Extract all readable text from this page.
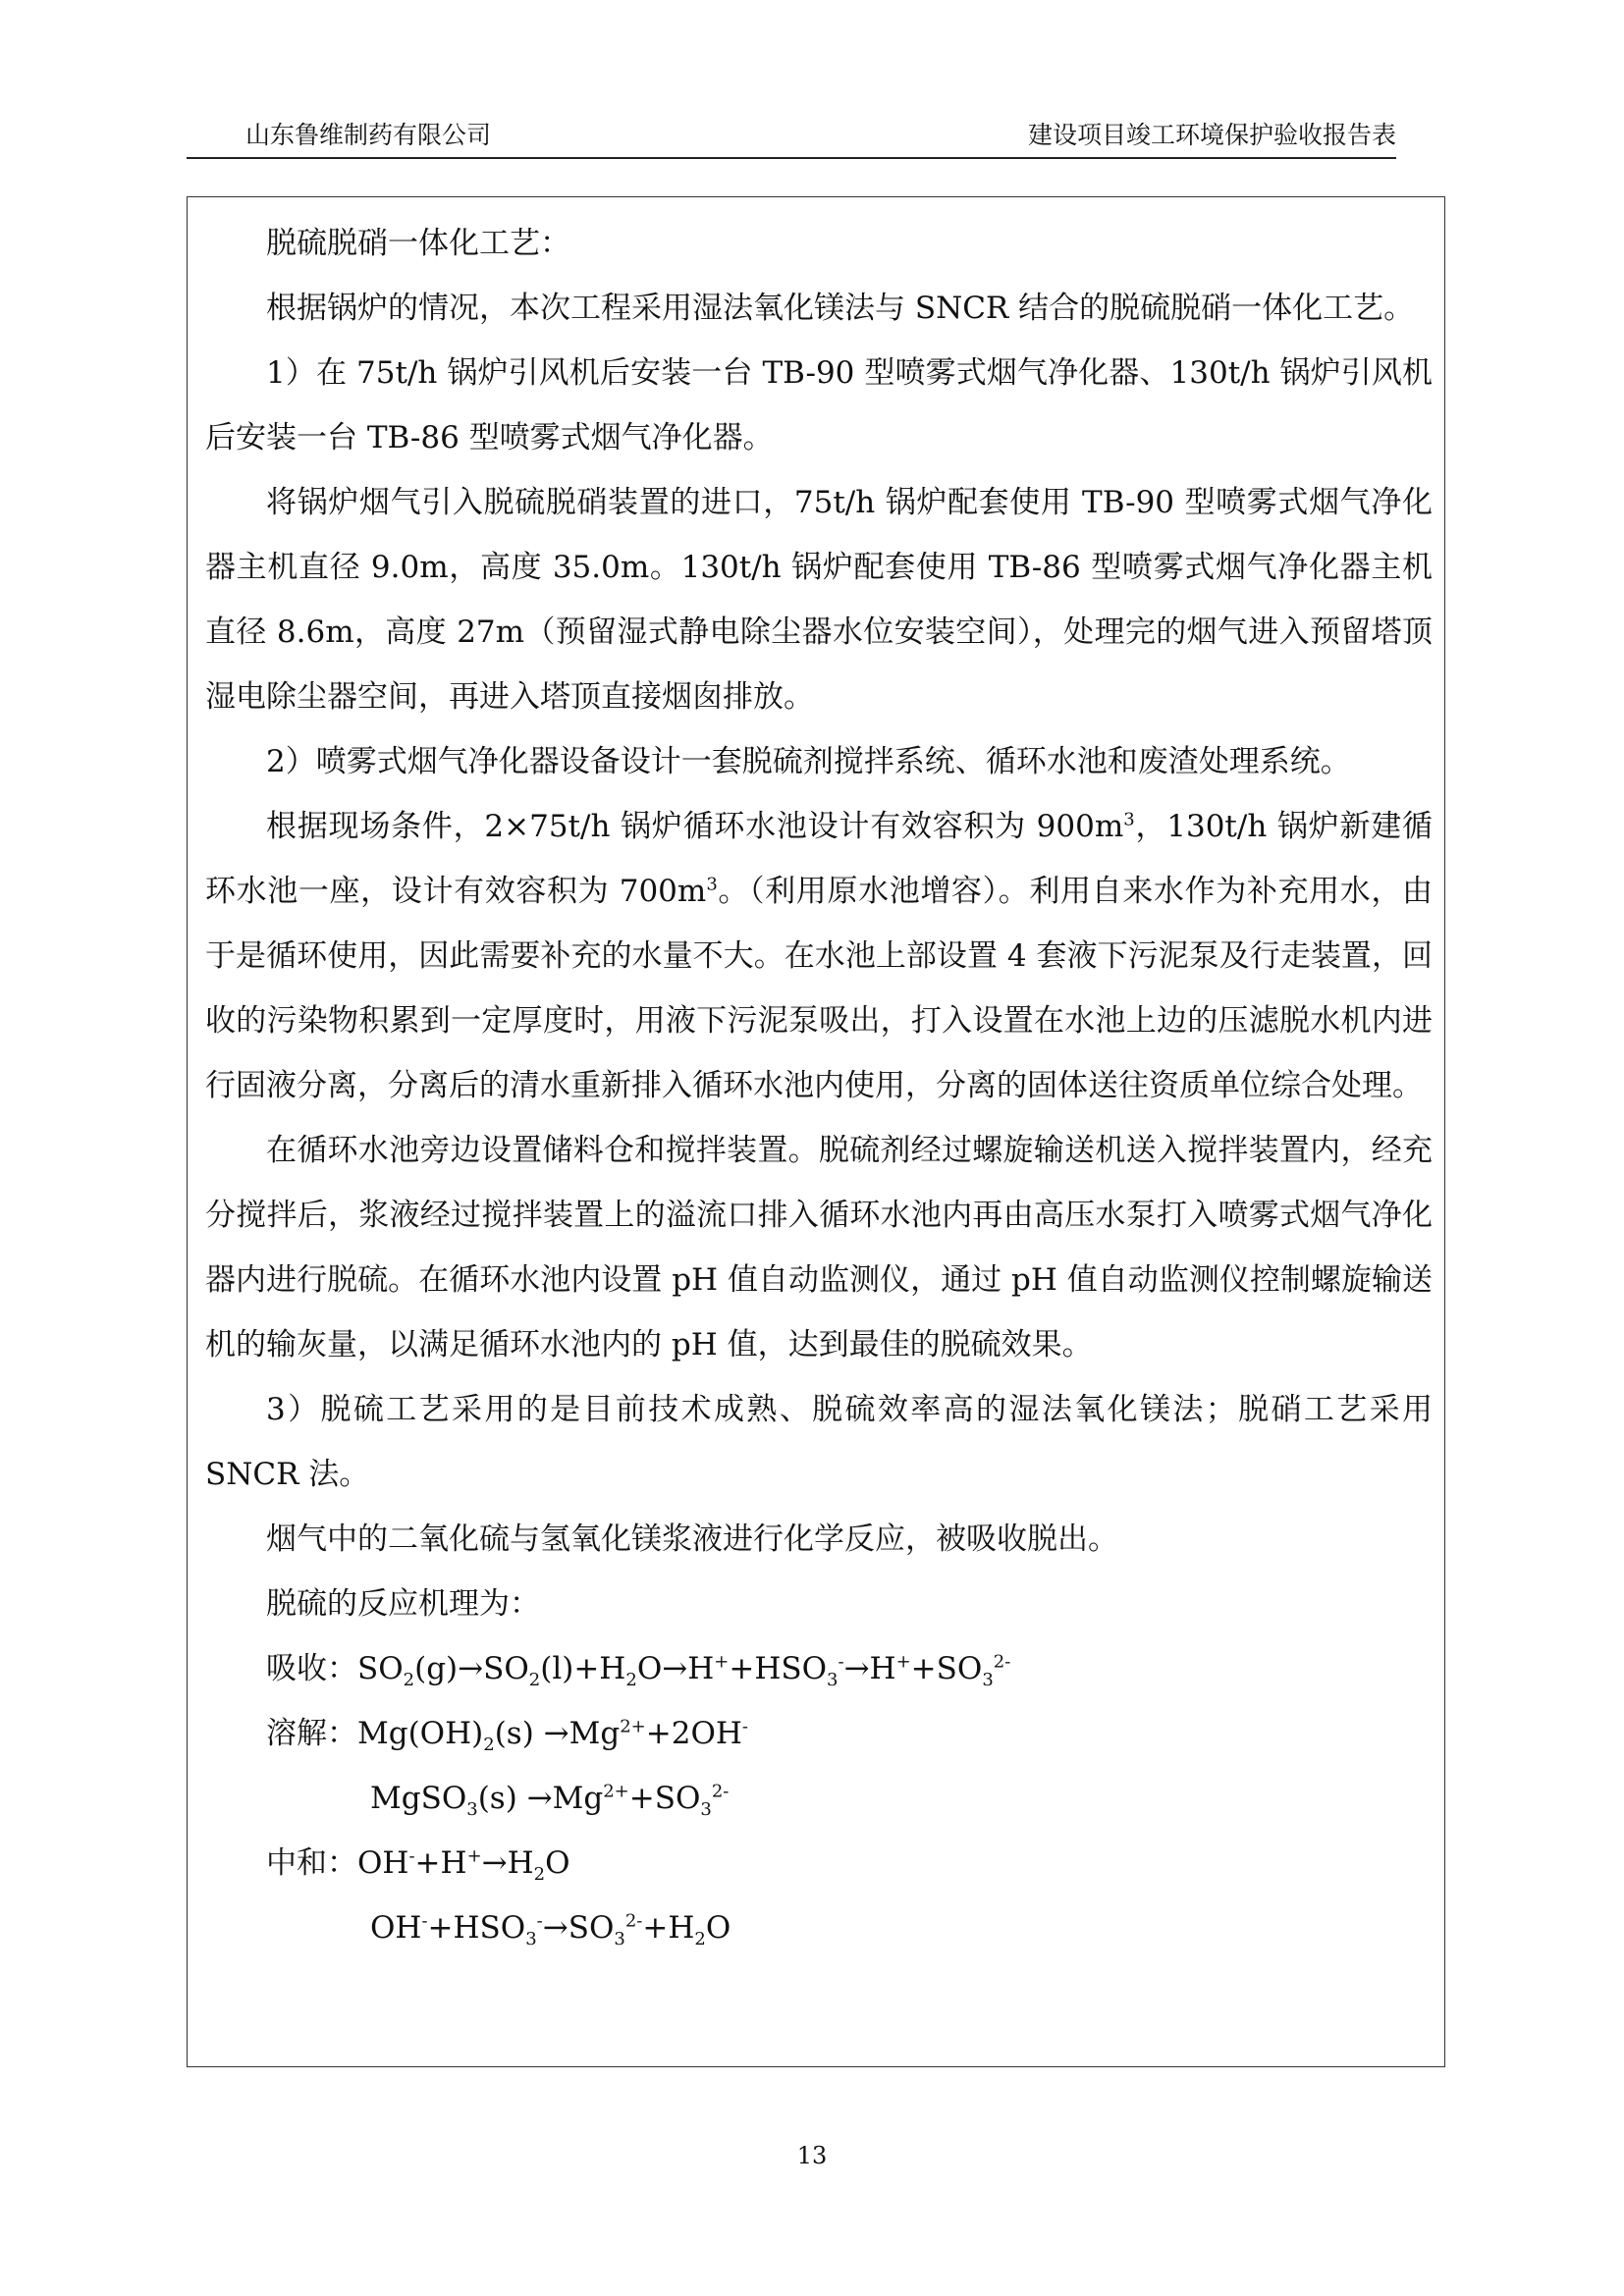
山东鲁维制药有限公司	建设项目竣工环境保护验收报告表

脱硫脱硝一体化工艺：

根据锅炉的情况，本次工程采用湿法氧化镁法与 SNCR 结合的脱硫脱硝一体化工艺。

1）在 75t/h 锅炉引风机后安装一台 TB-90 型喷雾式烟气净化器、130t/h 锅炉引风机后安装一台 TB-86 型喷雾式烟气净化器。

将锅炉烟气引入脱硫脱硝装置的进口，75t/h 锅炉配套使用 TB-90 型喷雾式烟气净化器主机直径 9.0m，高度 35.0m。130t/h 锅炉配套使用 TB-86 型喷雾式烟气净化器主机直径 8.6m，高度 27m（预留湿式静电除尘器水位安装空间），处理完的烟气进入预留塔顶湿电除尘器空间，再进入塔顶直接烟囱排放。

2）喷雾式烟气净化器设备设计一套脱硫剂搅拌系统、循环水池和废渣处理系统。

根据现场条件，2×75t/h 锅炉循环水池设计有效容积为 $900m^3$，130t/h 锅炉新建循环水池一座，设计有效容积为 $700m^3$。（利用原水池增容）。利用自来水作为补充用水，由于是循环使用，因此需要补充的水量不大。在水池上部设置 4 套液下污泥泵及行走装置，回收的污染物积累到一定厚度时，用液下污泥泵吸出，打入设置在水池上边的压滤脱水机内进行固液分离，分离后的清水重新排入循环水池内使用，分离的固体送往资质单位综合处理。

在循环水池旁边设置储料仓和搅拌装置。脱硫剂经过螺旋输送机送入搅拌装置内，经充分搅拌后，浆液经过搅拌装置上的溢流口排入循环水池内再由高压水泵打入喷雾式烟气净化器内进行脱硫。在循环水池内设置 pH 值自动监测仪，通过 pH 值自动监测仪控制螺旋输送机的输灰量，以满足循环水池内的 pH 值，达到最佳的脱硫效果。

3）脱硫工艺采用的是目前技术成熟、脱硫效率高的湿法氧化镁法；脱硝工艺采用 SNCR 法。

烟气中的二氧化硫与氢氧化镁浆液进行化学反应，被吸收脱出。

脱硫的反应机理为：

吸收：$SO_2(g)\to SO_2(l)+H_2O\to H^++HSO_3^-\to H^++SO_3^{2-}$

溶解：$Mg(OH)_2(s) \to Mg^{2+}+2OH^-$

MgSO$_3$(s) $\to Mg^{2+}+SO_3^{2-}$

中和：$OH^-+H^+\to H_2O$

$OH^-+HSO_3^-\to SO_3^{2-}+H_2O$

13
